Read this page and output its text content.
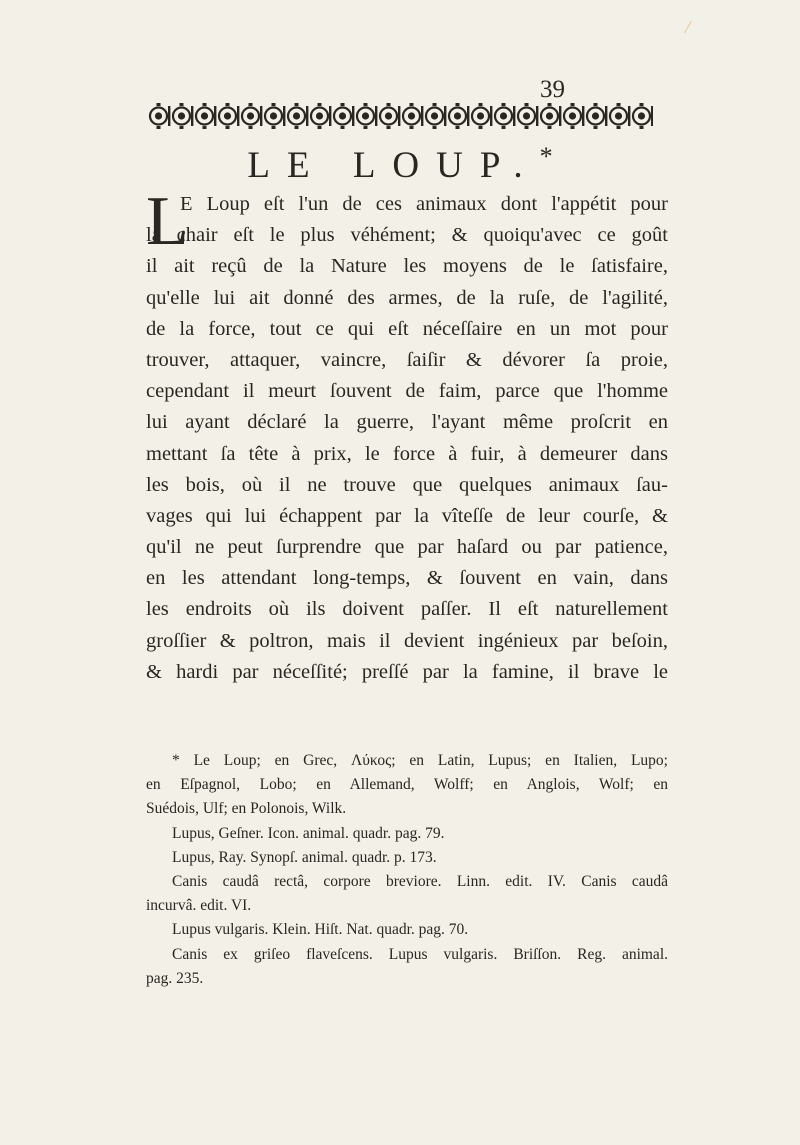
39
LE LOUP.*
L
E Loup eſt l'un de ces animaux dont l'appétit pour
la chair eſt le plus véhément; & quoiqu'avec ce goût
il ait reçû de la Nature les moyens de le ſatisfaire,
qu'elle lui ait donné des armes, de la ruſe, de l'agilité,
de la force, tout ce qui eſt néceſſaire en un mot pour
trouver, attaquer, vaincre, ſaiſir & dévorer ſa proie,
cependant il meurt ſouvent de faim, parce que l'homme
lui ayant déclaré la guerre, l'ayant même proſcrit en
mettant ſa tête à prix, le force à fuir, à demeurer dans
les bois, où il ne trouve que quelques animaux ſau-
vages qui lui échappent par la vîteſſe de leur courſe, &
qu'il ne peut ſurprendre que par haſard ou par patience,
en les attendant long-temps, & ſouvent en vain, dans
les endroits où ils doivent paſſer. Il eſt naturellement
groſſier & poltron, mais il devient ingénieux par beſoin,
& hardi par néceſſité; preſſé par la famine, il brave le
* Le Loup; en Grec, Λύκος; en Latin, Lupus; en Italien, Lupo;
en Eſpagnol, Lobo; en Allemand, Wolff; en Anglois, Wolf; en
Suédois, Ulf; en Polonois, Wilk.
Lupus, Geſner. Icon. animal. quadr. pag. 79.
Lupus, Ray. Synopſ. animal. quadr. p. 173.
Canis caudâ rectâ, corpore breviore. Linn. edit. IV. Canis caudâ
incurvâ. edit. VI.
Lupus vulgaris. Klein. Hiſt. Nat. quadr. pag. 70.
Canis ex griſeo flaveſcens. Lupus vulgaris. Briſſon. Reg. animal.
pag. 235.
